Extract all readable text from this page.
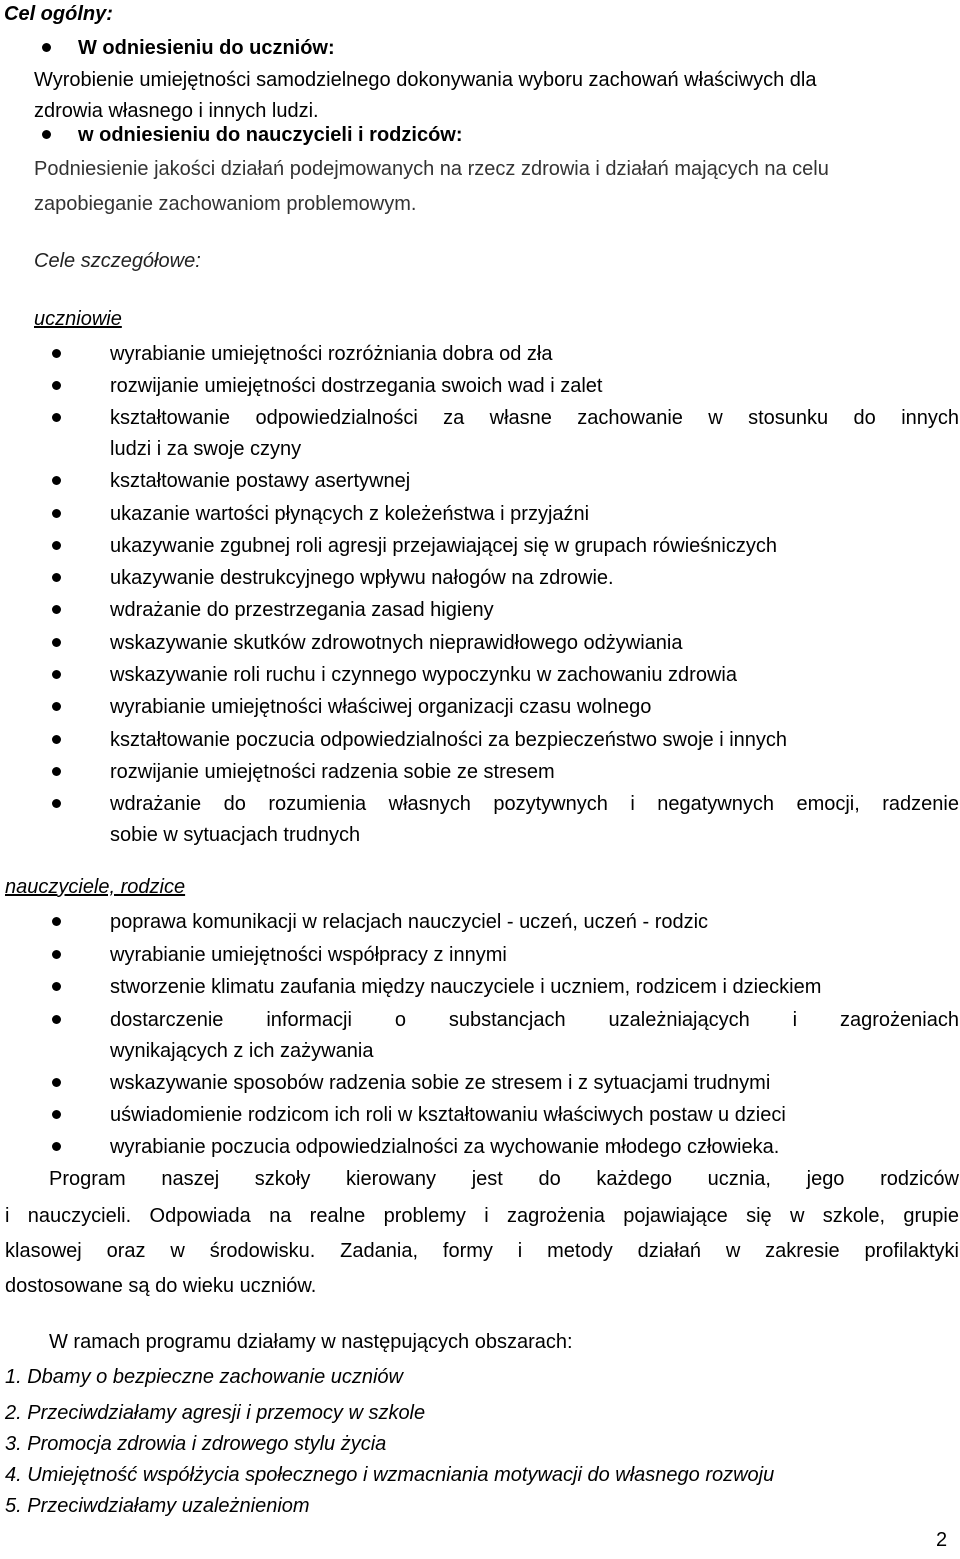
Cel ogólny:

W odniesieniu do uczniów:

Wyrobienie umiejętności samodzielnego dokonywania wyboru zachowań właściwych dla

zdrowia własnego i innych ludzi.

w odniesieniu do nauczycieli i rodziców:

Podniesienie jakości działań podejmowanych na rzecz zdrowia i działań mających na celu

zapobieganie zachowaniom problemowym.

Cele szczegółowe:

uczniowie

wyrabianie umiejętności rozróżniania dobra od zła

rozwijanie umiejętności dostrzegania swoich wad i zalet

kształtowanie odpowiedzialności za własne zachowanie w stosunku do innych

ludzi i za swoje czyny

kształtowanie postawy asertywnej

ukazanie wartości płynących z koleżeństwa i przyjaźni

ukazywanie zgubnej roli agresji przejawiającej się w grupach rówieśniczych

ukazywanie destrukcyjnego wpływu nałogów na zdrowie.

wdrażanie do przestrzegania zasad higieny

wskazywanie skutków zdrowotnych nieprawidłowego odżywiania

wskazywanie roli ruchu i czynnego wypoczynku w zachowaniu zdrowia

wyrabianie umiejętności właściwej organizacji czasu wolnego

kształtowanie poczucia odpowiedzialności za bezpieczeństwo swoje i innych

rozwijanie umiejętności radzenia sobie ze stresem

wdrażanie do rozumienia własnych pozytywnych i negatywnych emocji, radzenie

sobie w sytuacjach trudnych

nauczyciele, rodzice

poprawa komunikacji w relacjach nauczyciel - uczeń, uczeń - rodzic

wyrabianie umiejętności współpracy z innymi

stworzenie klimatu zaufania między nauczyciele i uczniem, rodzicem i dzieckiem

dostarczenie informacji o substancjach uzależniających i zagrożeniach

wynikających z ich zażywania

wskazywanie sposobów radzenia sobie ze stresem i z sytuacjami trudnymi

uświadomienie rodzicom ich roli w kształtowaniu właściwych postaw u dzieci

wyrabianie poczucia odpowiedzialności za wychowanie młodego człowieka.

Program naszej szkoły kierowany jest do każdego ucznia, jego rodziców

i nauczycieli. Odpowiada na realne problemy i zagrożenia pojawiające się w szkole, grupie

klasowej oraz w środowisku. Zadania, formy i metody działań w zakresie profilaktyki

dostosowane są do wieku uczniów.

W ramach programu działamy w następujących obszarach:

1. Dbamy o bezpieczne zachowanie uczniów

2. Przeciwdziałamy agresji i przemocy w szkole

3. Promocja zdrowia i zdrowego stylu życia

4. Umiejętność współżycia społecznego i wzmacniania motywacji do własnego rozwoju

5. Przeciwdziałamy uzależnieniom

2
